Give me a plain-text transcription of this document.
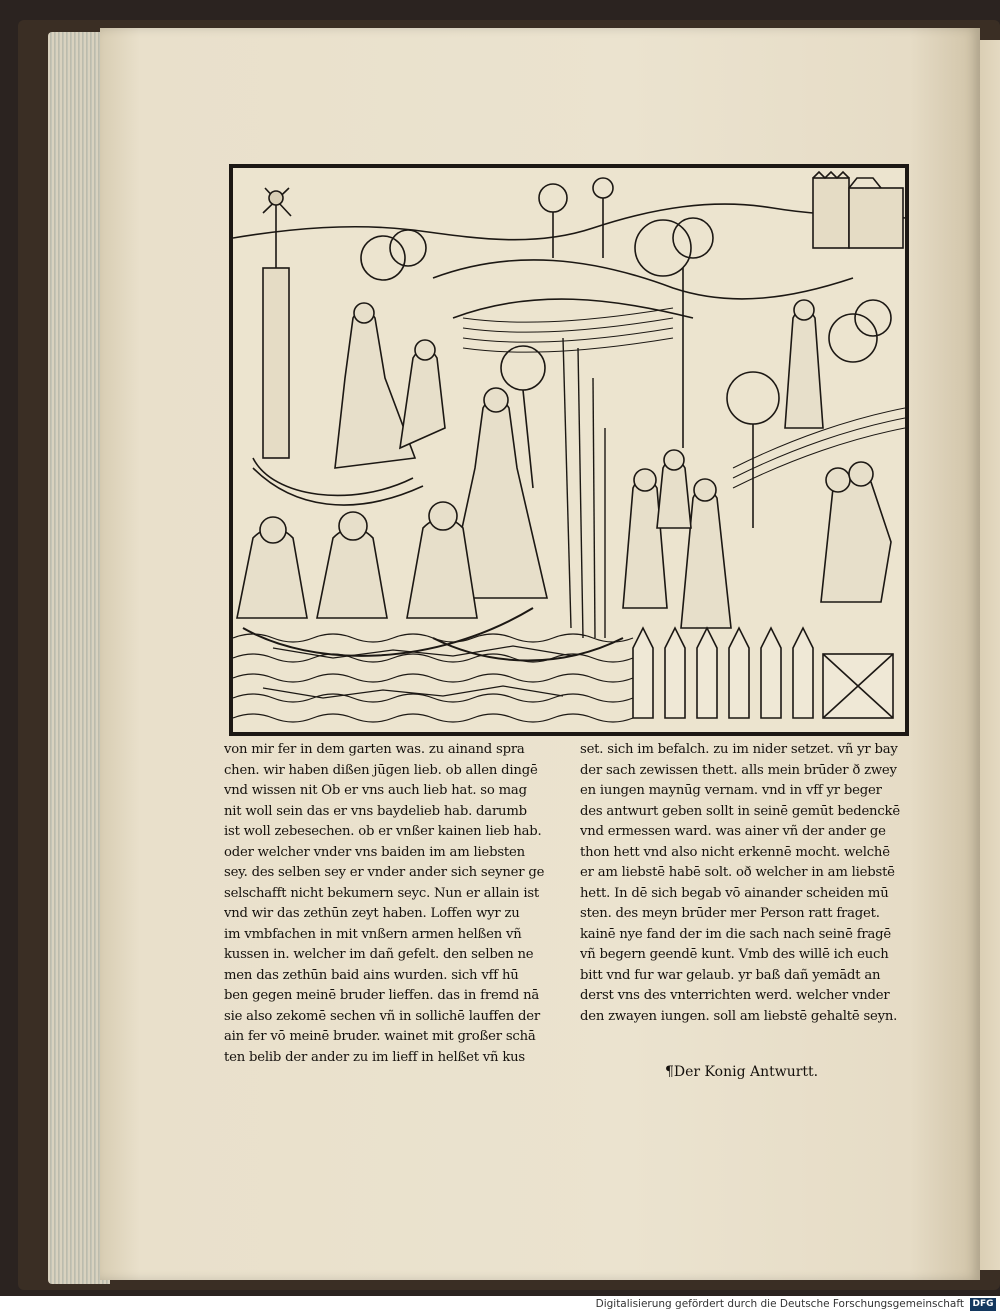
von mir fer in dem garten was. zu ainand spra
chen. wir haben dißen jūgen lieb. ob allen dingē
vnd wissen nit Ob er vns auch lieb hat. so mag
nit woll sein das er vns baydelieb hab. darumb
ist woll zebesechen. ob er vnßer kainen lieb hab.
oder welcher vnder vns baiden im am liebsten
sey. des selben sey er vnder ander sich seyner ge
selschafft nicht bekumern seyc. Nun er allain ist
vnd wir das zethūn zeyt haben. Loffen wyr zu
im vmbfachen in mit vnßern armen helßen vñ
kussen in. welcher im dañ gefelt. den selben ne
men das zethūn baid ains wurden. sich vff hū
ben gegen meinē bruder lieffen. das in fremd nā
sie also zekomē sechen vñ in sollichē lauffen der
ain fer vō meinē bruder. wainet mit großer schā
ten belib der ander zu im lieff in helßet vñ kus
set. sich im befalch. zu im nider setzet. vñ yr bay
der sach zewissen thett. alls mein brūder ð zwey
en iungen maynūg vernam. vnd in vff yr beger
des antwurt geben sollt in seinē gemūt bedenckē
vnd ermessen ward. was ainer vñ der ander ge
thon hett vnd also nicht erkennē mocht. welchē
er am liebstē habē solt. oð welcher in am liebstē
hett. In dē sich begab vō ainander scheiden mū
sten. des meyn brūder mer Person ratt fraget.
kainē nye fand der im die sach nach seinē fragē
vñ begern geendē kunt. Vmb des willē ich euch
bitt vnd fur war gelaub. yr baß dañ yemādt an
derst vns des vnterrichten werd. welcher vnder
den zwayen iungen. soll am liebstē gehaltē seyn.
¶Der Konig Antwurtt.
Digitalisierung gefördert durch die Deutsche Forschungsgemeinschaft DFG
